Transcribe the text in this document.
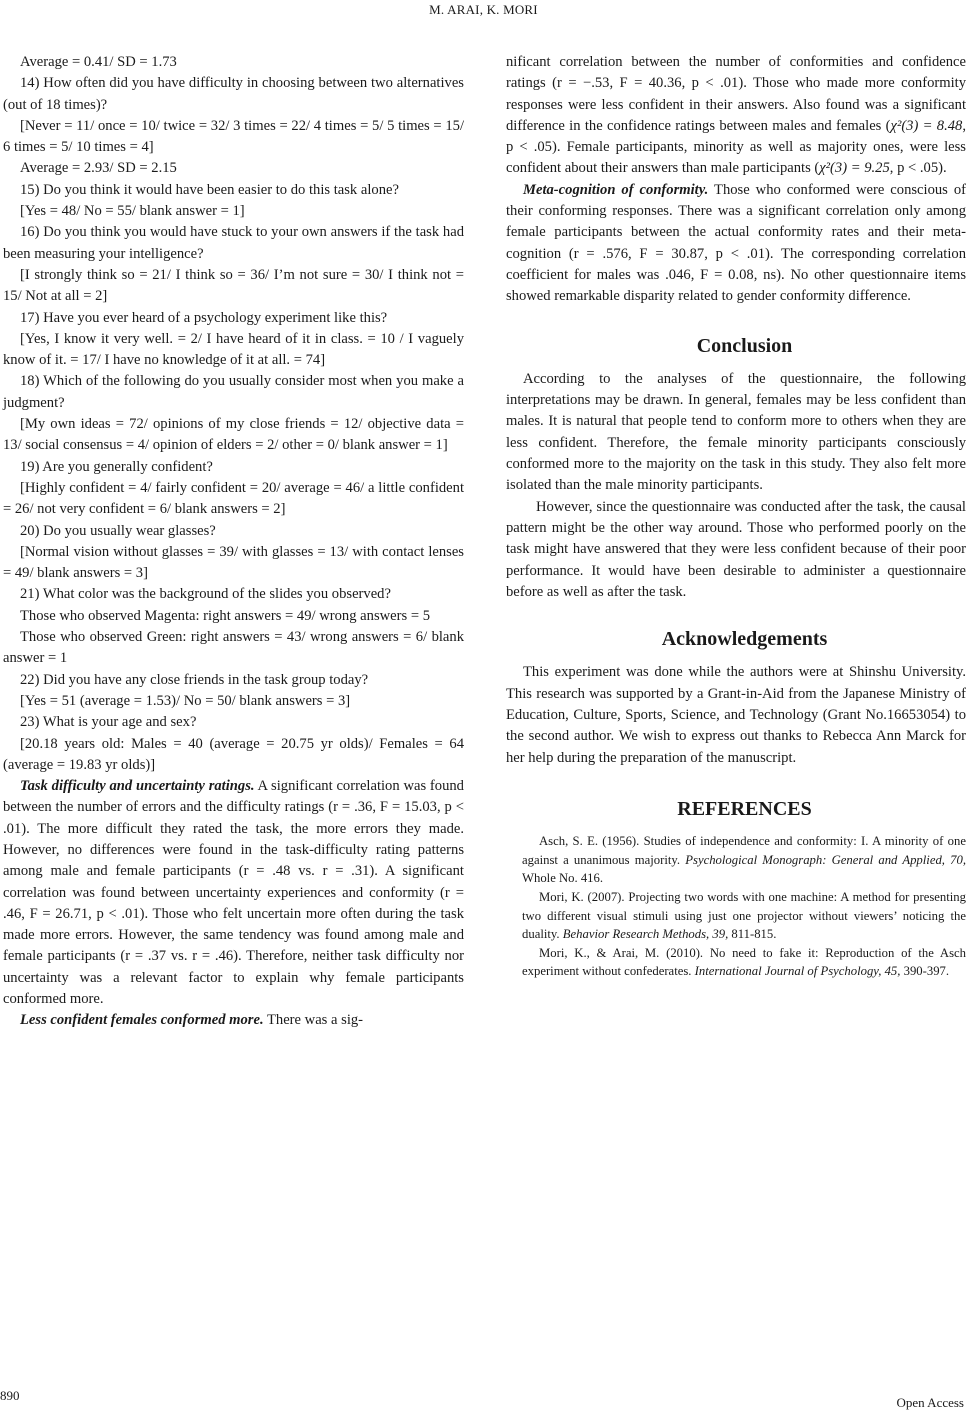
M. ARAI, K. MORI

Average = 0.41/ SD = 1.73

14) How often did you have difficulty in choosing between two alternatives (out of 18 times)?

[Never = 11/ once = 10/ twice = 32/ 3 times = 22/ 4 times = 5/ 5 times = 15/ 6 times = 5/ 10 times = 4]

Average = 2.93/ SD = 2.15

15) Do you think it would have been easier to do this task alone?

[Yes = 48/ No = 55/ blank answer = 1]

16) Do you think you would have stuck to your own answers if the task had been measuring your intelligence?

[I strongly think so = 21/ I think so = 36/ I’m not sure = 30/ I think not = 15/ Not at all = 2]

17) Have you ever heard of a psychology experiment like this?

[Yes, I know it very well. = 2/ I have heard of it in class. = 10 / I vaguely know of it. = 17/ I have no knowledge of it at all. = 74]

18) Which of the following do you usually consider most when you make a judgment?

[My own ideas = 72/ opinions of my close friends = 12/ objective data = 13/ social consensus = 4/ opinion of elders = 2/ other = 0/ blank answer = 1]

19) Are you generally confident?

[Highly confident = 4/ fairly confident = 20/ average = 46/ a little confident = 26/ not very confident = 6/ blank answers = 2]

20) Do you usually wear glasses?

[Normal vision without glasses = 39/ with glasses = 13/ with contact lenses = 49/ blank answers = 3]

21) What color was the background of the slides you observed?

Those who observed Magenta: right answers = 49/ wrong answers = 5

Those who observed Green: right answers = 43/ wrong answers = 6/ blank answer = 1

22) Did you have any close friends in the task group today?

[Yes = 51 (average = 1.53)/ No = 50/ blank answers = 3]

23) What is your age and sex?

[20.18 years old: Males = 40 (average = 20.75 yr olds)/ Females = 64 (average = 19.83 yr olds)]

Task difficulty and uncertainty ratings. A significant correlation was found between the number of errors and the difficulty ratings (r = .36, F = 15.03, p < .01). The more difficult they rated the task, the more errors they made. However, no differences were found in the task-difficulty rating patterns among male and female participants (r = .48 vs. r = .31). A significant correlation was found between uncertainty experiences and conformity (r = .46, F = 26.71, p < .01). Those who felt uncertain more often during the task made more errors. However, the same tendency was found among male and female participants (r = .37 vs. r = .46). Therefore, neither task difficulty nor uncertainty was a relevant factor to explain why female participants conformed more.

Less confident females conformed more. There was a sig-

nificant correlation between the number of conformities and confidence ratings (r = −.53, F = 40.36, p < .01). Those who made more conformity responses were less confident in their answers. Also found was a significant difference in the confidence ratings between males and females (χ²(3) = 8.48, p < .05). Female participants, minority as well as majority ones, were less confident about their answers than male participants (χ²(3) = 9.25, p < .05).

Meta-cognition of conformity. Those who conformed were conscious of their conforming responses. There was a significant correlation only among female participants between the actual conformity rates and their meta-cognition (r = .576, F = 30.87, p < .01). The corresponding correlation coefficient for males was .046, F = 0.08, ns). No other questionnaire items showed remarkable disparity related to gender conformity difference.

Conclusion

According to the analyses of the questionnaire, the following interpretations may be drawn. In general, females may be less confident than males. It is natural that people tend to conform more to others when they are less confident. Therefore, the female minority participants consciously conformed more to the majority on the task in this study. They also felt more isolated than the male minority participants.

However, since the questionnaire was conducted after the task, the causal pattern might be the other way around. Those who performed poorly on the task might have answered that they were less confident because of their poor performance. It would have been desirable to administer a questionnaire before as well as after the task.

Acknowledgements

This experiment was done while the authors were at Shinshu University. This research was supported by a Grant-in-Aid from the Japanese Ministry of Education, Culture, Sports, Science, and Technology (Grant No.16653054) to the second author. We wish to express out thanks to Rebecca Ann Marck for her help during the preparation of the manuscript.

REFERENCES

Asch, S. E. (1956). Studies of independence and conformity: I. A minority of one against a unanimous majority. Psychological Monograph: General and Applied, 70, Whole No. 416.

Mori, K. (2007). Projecting two words with one machine: A method for presenting two different visual stimuli using just one projector without viewers’ noticing the duality. Behavior Research Methods, 39, 811-815.

Mori, K., & Arai, M. (2010). No need to fake it: Reproduction of the Asch experiment without confederates. International Journal of Psychology, 45, 390-397.

890	Open Access
